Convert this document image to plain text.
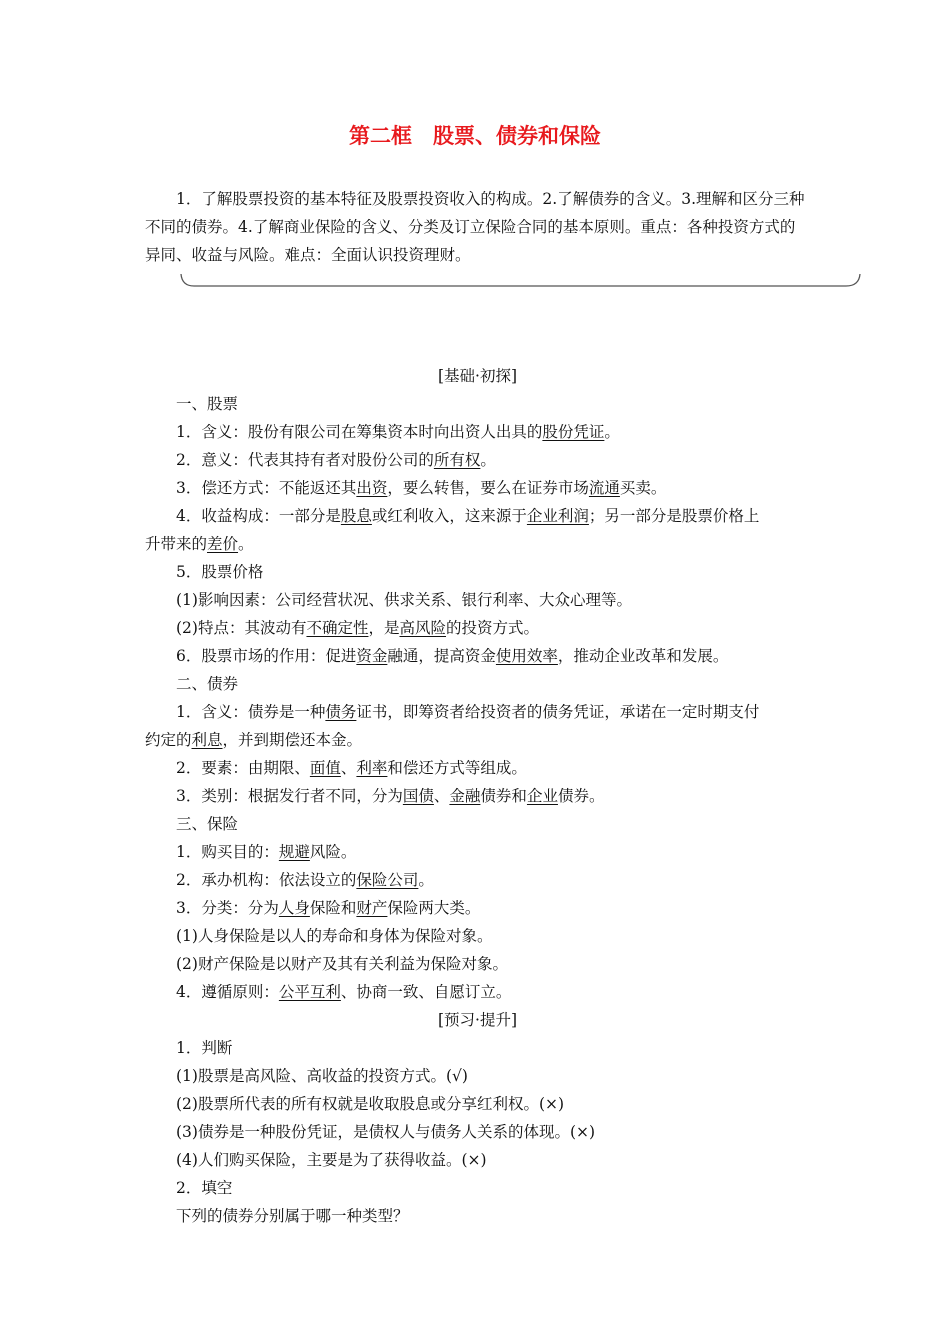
第二框　股票、债券和保险
1．了解股票投资的基本特征及股票投资收入的构成。2.了解债券的含义。3.理解和区分三种不同的债券。4.了解商业保险的含义、分类及订立保险合同的基本原则。重点：各种投资方式的异同、收益与风险。难点：全面认识投资理财。
[基础·初探]
一、股票
1．含义：股份有限公司在筹集资本时向出资人出具的股份凭证。
2．意义：代表其持有者对股份公司的所有权。
3．偿还方式：不能返还其出资，要么转售，要么在证券市场流通买卖。
4．收益构成：一部分是股息或红利收入，这来源于企业利润；另一部分是股票价格上
升带来的差价。
5．股票价格
(1)影响因素：公司经营状况、供求关系、银行利率、大众心理等。
(2)特点：其波动有不确定性，是高风险的投资方式。
6．股票市场的作用：促进资金融通，提高资金使用效率，推动企业改革和发展。
二、债券
1．含义：债券是一种债务证书，即筹资者给投资者的债务凭证，承诺在一定时期支付
约定的利息，并到期偿还本金。
2．要素：由期限、面值、利率和偿还方式等组成。
3．类别：根据发行者不同，分为国债、金融债券和企业债券。
三、保险
1．购买目的：规避风险。
2．承办机构：依法设立的保险公司。
3．分类：分为人身保险和财产保险两大类。
(1)人身保险是以人的寿命和身体为保险对象。
(2)财产保险是以财产及其有关利益为保险对象。
4．遵循原则：公平互利、协商一致、自愿订立。
[预习·提升]
1．判断
(1)股票是高风险、高收益的投资方式。(√)
(2)股票所代表的所有权就是收取股息或分享红利权。(×)
(3)债券是一种股份凭证，是债权人与债务人关系的体现。(×)
(4)人们购买保险，主要是为了获得收益。(×)
2．填空
下列的债券分别属于哪一种类型？
